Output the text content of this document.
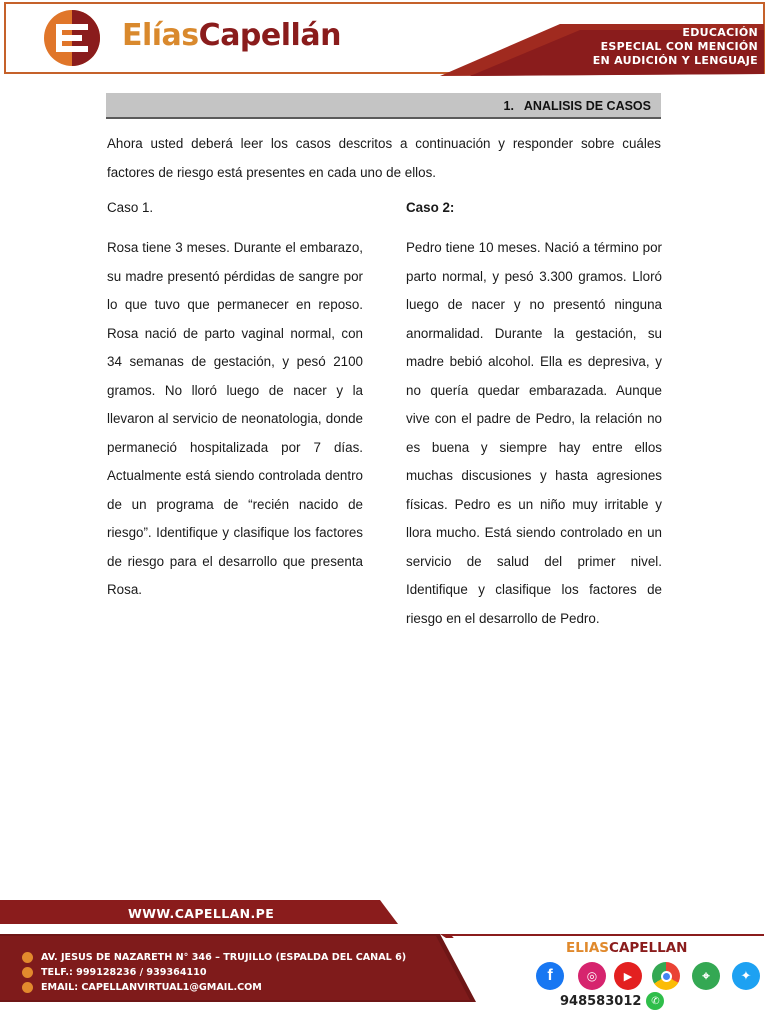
ElíasCapellán	EDUCACIÓN
ESPECIAL CON MENCIÓN
EN AUDICIÓN Y LENGUAJE
1.   ANALISIS DE CASOS

Ahora usted deberá leer los casos descritos a continuación y responder sobre cuáles factores de riesgo está presentes en cada uno de ellos.

Caso 1.	Caso 2:

Rosa tiene 3 meses. Durante el embarazo, su madre presentó pérdidas de sangre por lo que tuvo que permanecer en reposo. Rosa nació de parto vaginal normal, con 34 semanas de gestación, y pesó 2100 gramos. No lloró luego de nacer y la llevaron al servicio de neonatologia, donde permaneció hospitalizada por 7 días. Actualmente está siendo controlada dentro de un programa de “recién nacido de riesgo”. Identifique y clasifique los factores de riesgo para el desarrollo que presenta Rosa.

Pedro tiene 10 meses. Nació a término por parto normal, y pesó 3.300 gramos. Lloró luego de nacer y no presentó ninguna anormalidad. Durante la gestación, su madre bebió alcohol. Ella es depresiva, y no quería quedar embarazada. Aunque vive con el padre de Pedro, la relación no es buena y siempre hay entre ellos muchas discusiones y hasta agresiones físicas. Pedro es un niño muy irritable y llora mucho. Está siendo controlado en un servicio de salud del primer nivel. Identifique y clasifique los factores de riesgo en el desarrollo de Pedro.

WWW.CAPELLAN.PE
AV. JESUS DE NAZARETH N° 346 – TRUJILLO (ESPALDA DEL CANAL 6)
TELF.: 999128236 / 939364110
EMAIL: CAPELLANVIRTUAL1@GMAIL.COM
ELIASCAPELLAN
f	◎	▶	⌖	✦
948583012 ✆
